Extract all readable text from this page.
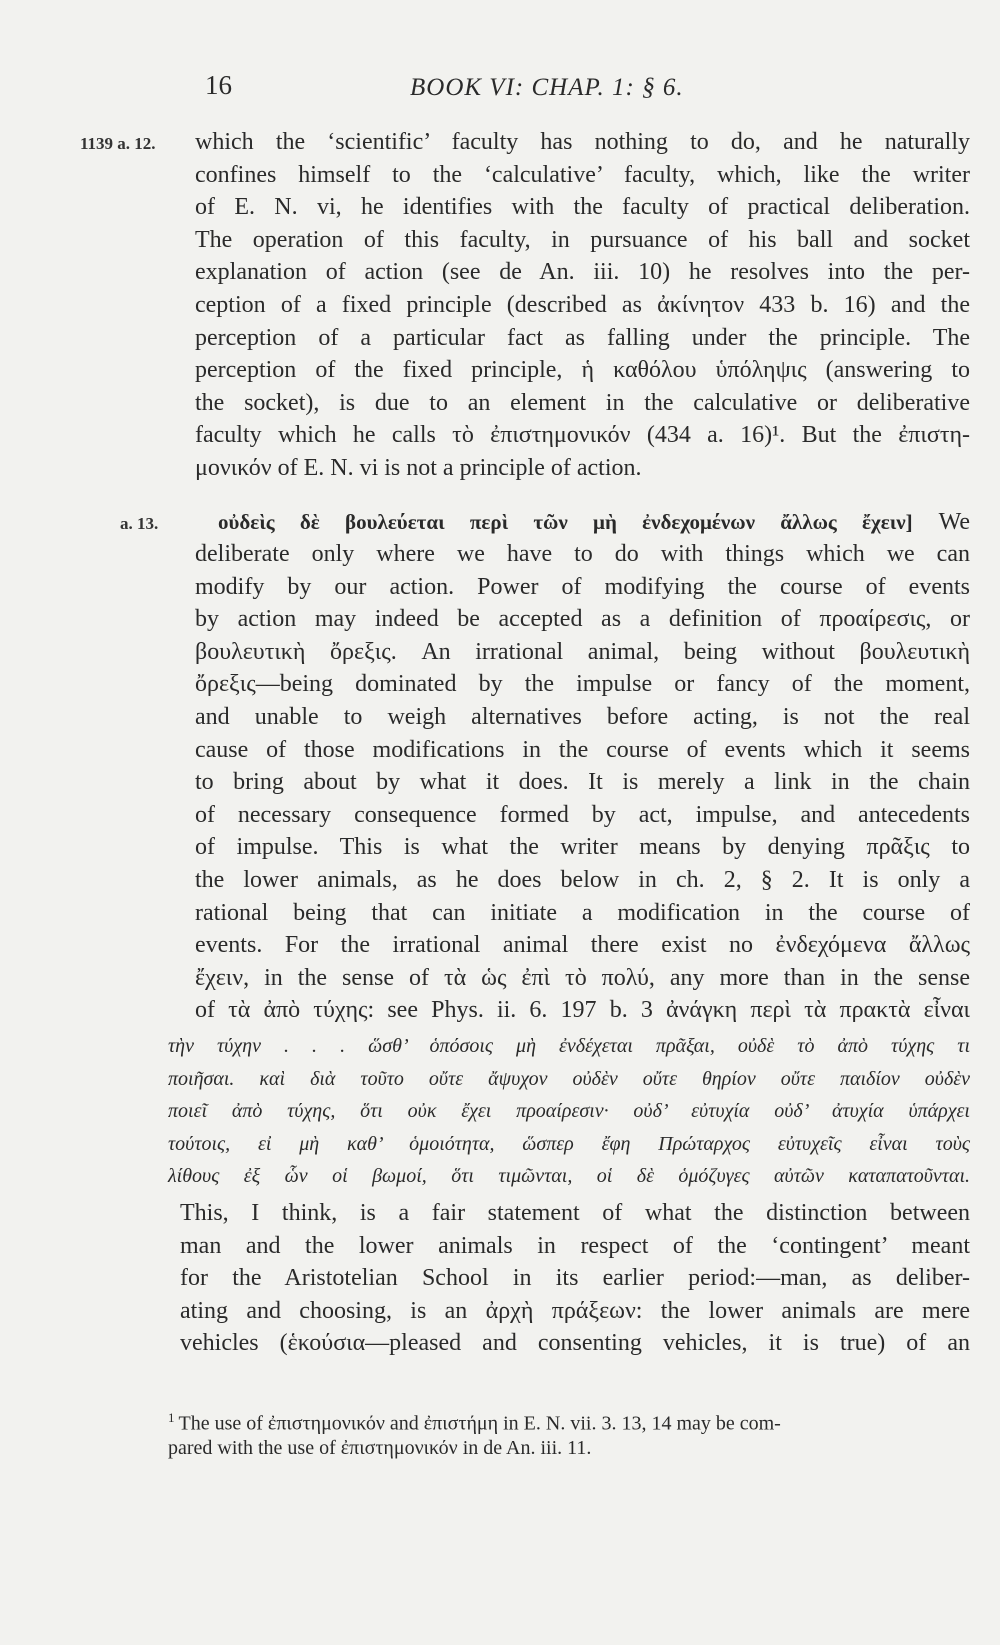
16	BOOK VI: CHAP. 1: § 6.
1139 a. 12. which the ‘scientific’ faculty has nothing to do, and he naturally
confines himself to the ‘calculative’ faculty, which, like the writer
of E. N. vi, he identifies with the faculty of practical deliberation.
The operation of this faculty, in pursuance of his ball and socket
explanation of action (see de An. iii. 10) he resolves into the per-
ception of a fixed principle (described as ἀκίνητον 433 b. 16) and the
perception of a particular fact as falling under the principle. The
perception of the fixed principle, ἡ καθόλου ὑπόληψις (answering to
the socket), is due to an element in the calculative or deliberative
faculty which he calls τὸ ἐπιστημονικόν (434 a. 16)¹. But the ἐπιστη-
μονικόν of E. N. vi is not a principle of action.
a. 13.	οὐδεὶς δὲ βουλεύεται περὶ τῶν μὴ ἐνδεχομένων ἄλλως ἔχειν] We
deliberate only where we have to do with things which we can
modify by our action. Power of modifying the course of events
by action may indeed be accepted as a definition of προαίρεσις, or
βουλευτικὴ ὄρεξις. An irrational animal, being without βουλευτικὴ
ὄρεξις—being dominated by the impulse or fancy of the moment,
and unable to weigh alternatives before acting, is not the real
cause of those modifications in the course of events which it seems
to bring about by what it does. It is merely a link in the chain
of necessary consequence formed by act, impulse, and antecedents
of impulse. This is what the writer means by denying πρᾶξις to
the lower animals, as he does below in ch. 2, § 2. It is only a
rational being that can initiate a modification in the course of
events. For the irrational animal there exist no ἐνδεχόμενα ἄλλως
ἔχειν, in the sense of τὰ ὡς ἐπὶ τὸ πολύ, any more than in the sense
of τὰ ἀπὸ τύχης: see Phys. ii. 6. 197 b. 3 ἀνάγκη περὶ τὰ πρακτὰ εἶναι
τὴν τύχην . . . ὥσθ’ ὁπόσοις μὴ ἐνδέχεται πρᾶξαι, οὐδὲ τὸ ἀπὸ τύχης τι
ποιῆσαι. καὶ διὰ τοῦτο οὔτε ἄψυχον οὐδὲν οὔτε θηρίον οὔτε παιδίον οὐδὲν
ποιεῖ ἀπὸ τύχης, ὅτι οὐκ ἔχει προαίρεσιν· οὐδ’ εὐτυχία οὐδ’ ἀτυχία ὑπάρχει
τούτοις, εἰ μὴ καθ’ ὁμοιότητα, ὥσπερ ἔφη Πρώταρχος εὐτυχεῖς εἶναι τοὺς
λίθους ἐξ ὧν οἱ βωμοί, ὅτι τιμῶνται, οἱ δὲ ὁμόζυγες αὐτῶν καταπατοῦνται.
This, I think, is a fair statement of what the distinction between
man and the lower animals in respect of the ‘contingent’ meant
for the Aristotelian School in its earlier period:—man, as deliber-
ating and choosing, is an ἀρχὴ πράξεων: the lower animals are mere
vehicles (ἑκούσια—pleased and consenting vehicles, it is true) of an
$^1$ The use of ἐπιστημονικόν and ἐπιστήμη in E. N. vii. 3. 13, 14 may be com-
pared with the use of ἐπιστημονικόν in de An. iii. 11.
